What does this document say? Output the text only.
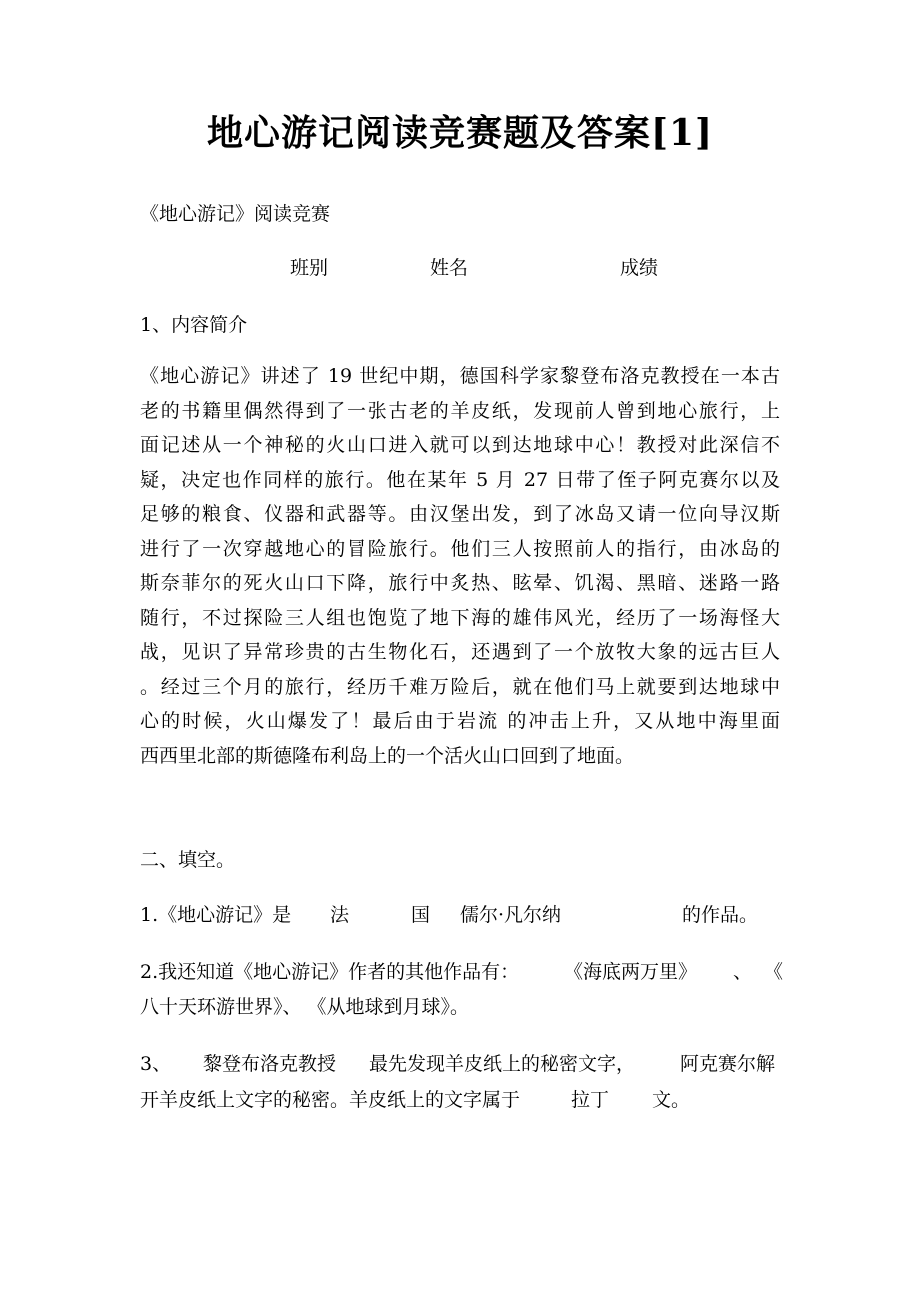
地心游记阅读竞赛题及答案[1]
《地心游记》阅读竞赛
班别	姓名	成绩
1、内容简介
《地心游记》讲述了 19 世纪中期，德国科学家黎登布洛克教授在一本古
老的书籍里偶然得到了一张古老的羊皮纸，发现前人曾到地心旅行，上
面记述从一个神秘的火山口进入就可以到达地球中心！教授对此深信不
疑，决定也作同样的旅行。他在某年 5 月 27 日带了侄子阿克赛尔以及
足够的粮食、仪器和武器等。由汉堡出发，到了冰岛又请一位向导汉斯
进行了一次穿越地心的冒险旅行。他们三人按照前人的指行，由冰岛的
斯奈菲尔的死火山口下降，旅行中炙热、眩晕、饥渴、黑暗、迷路一路
随行，不过探险三人组也饱览了地下海的雄伟风光，经历了一场海怪大
战，见识了异常珍贵的古生物化石，还遇到了一个放牧大象的远古巨人
。经过三个月的旅行，经历千难万险后，就在他们马上就要到达地球中
心的时候，火山爆发了！最后由于岩流 的冲击上升，又从地中海里面
西西里北部的斯德隆布利岛上的一个活火山口回到了地面。
二、填空。
1.《地心游记》是 法	国 儒尔·凡尔纳	的作品。
2.我还知道《地心游记》作者的其他作品有： 《海底两万里》 、 《
八十天环游世界》、 《从地球到月球》。
3、 黎登布洛克教授 最先发现羊皮纸上的秘密文字， 阿克赛尔解
开羊皮纸上文字的秘密。羊皮纸上的文字属于	拉丁 文。
